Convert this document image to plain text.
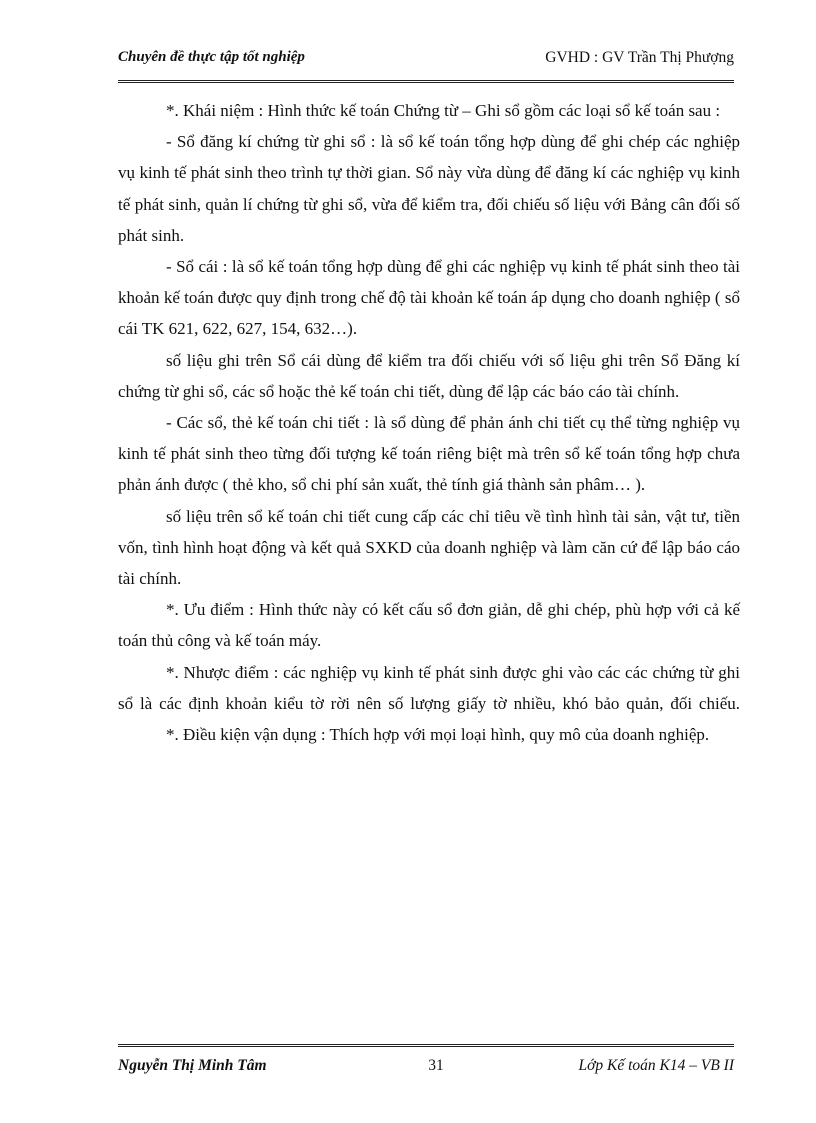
Chuyên đề thực tập tốt nghiệp	GVHD : GV Trần Thị Phượng

*. Khái niệm : Hình thức kế toán Chứng từ – Ghi sổ gồm các loại sổ kế toán sau :

- Sổ đăng kí chứng từ ghi sổ : là sổ kế toán tổng hợp dùng để ghi chép các nghiệp vụ kinh tế phát sinh theo trình tự thời gian. Sổ này vừa dùng để đăng kí các nghiệp vụ kinh tế phát sinh, quản lí chứng từ ghi sổ, vừa để kiểm tra, đối chiếu số liệu với Bảng cân đối số phát sinh.

- Sổ cái : là sổ kế toán tổng hợp dùng để ghi các nghiệp vụ kinh tế phát sinh theo tài khoản kế toán được quy định trong chế độ tài khoản kế toán áp dụng cho doanh nghiệp ( sổ cái TK 621, 622, 627, 154, 632…).

số liệu ghi trên Sổ cái dùng để kiểm tra đối chiếu với số liệu ghi trên Sổ Đăng kí chứng từ ghi sổ, các sổ hoặc thẻ kế toán chi tiết, dùng để lập các báo cáo tài chính.

- Các sổ, thẻ kế toán chi tiết : là sổ dùng để phản ánh chi tiết cụ thể từng nghiệp vụ kinh tế phát sinh theo từng đối tượng kế toán riêng biệt mà trên sổ kế toán tổng hợp chưa phản ánh được ( thẻ kho, sổ chi phí sản xuất, thẻ tính giá thành sản phâm… ).

số liệu trên sổ kế toán chi tiết cung cấp các chỉ tiêu về tình hình tài sản, vật tư, tiền vốn, tình hình hoạt động và kết quả SXKD của doanh nghiệp và làm căn cứ để lập báo cáo tài chính.

*. Ưu điểm : Hình thức này có kết cấu sổ đơn giản, dễ ghi chép, phù hợp với cả kế toán thủ công và kế toán máy.

*. Nhược điểm : các nghiệp vụ kinh tế phát sinh được ghi vào các các chứng từ ghi sổ là các định khoản kiểu tờ rời nên số lượng giấy tờ nhiều, khó bảo quản, đối chiếu.

*. Điều kiện vận dụng : Thích hợp với mọi loại hình, quy mô của doanh nghiệp.

Nguyễn Thị Minh Tâm	31	Lớp Kế toán K14 – VB II
